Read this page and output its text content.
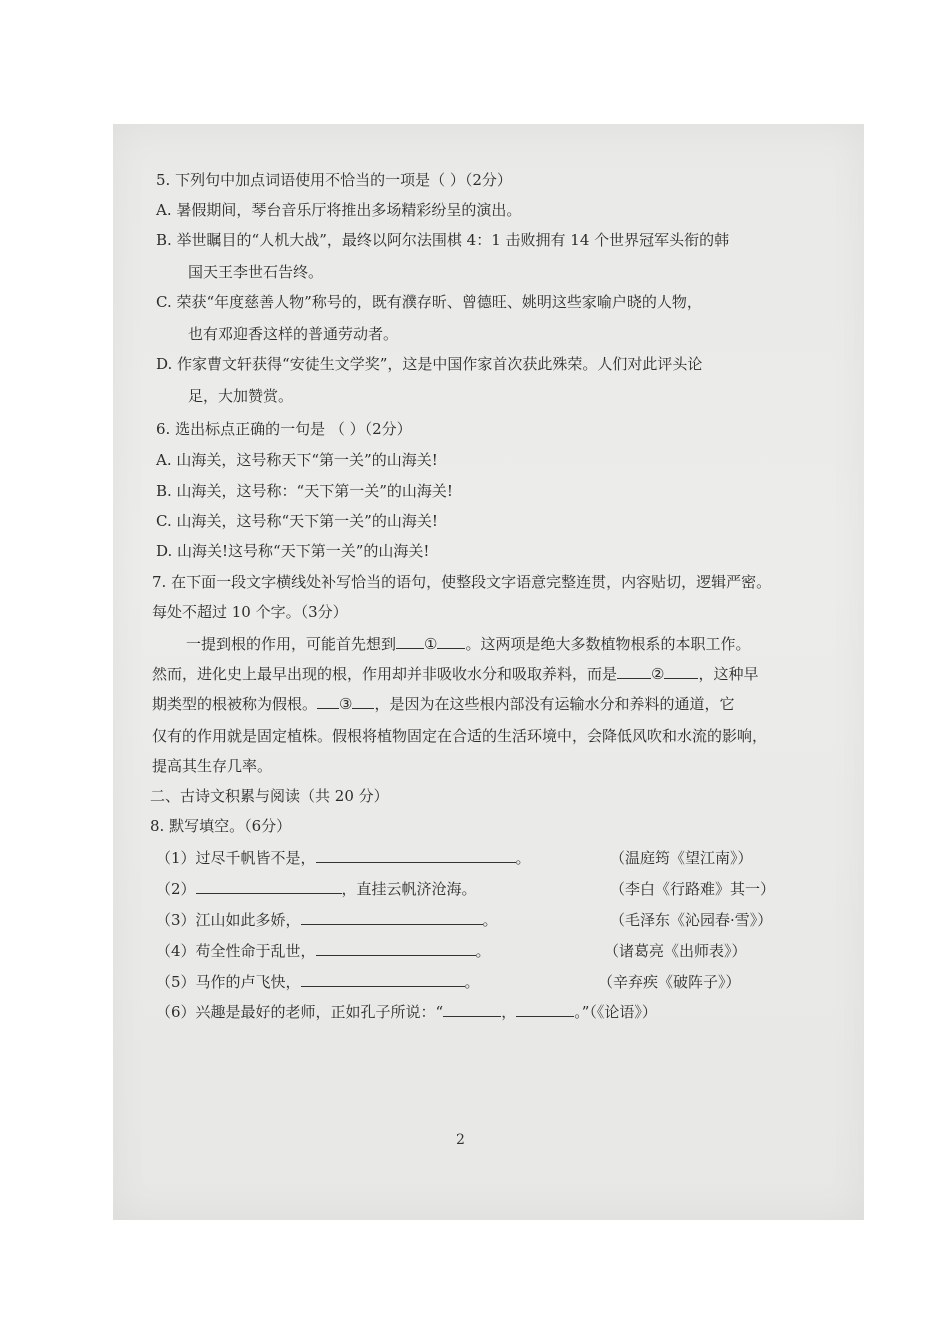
5. 下列句中加点词语使用不恰当的一项是（ ）（2分）
A. 暑假期间，琴台音乐厅将推出多场精彩纷呈的演出。
B. 举世瞩目的“人机大战”，最终以阿尔法围棋 4：1 击败拥有 14 个世界冠军头衔的韩
国天王李世石告终。
C. 荣获“年度慈善人物”称号的，既有濮存昕、曾德旺、姚明这些家喻户晓的人物，
也有邓迎香这样的普通劳动者。
D. 作家曹文轩获得“安徒生文学奖”，这是中国作家首次获此殊荣。人们对此评头论
足，大加赞赏。
6. 选出标点正确的一句是 （ ）（2分）
A. 山海关，这号称天下“第一关”的山海关!
B. 山海关，这号称：“天下第一关”的山海关!
C. 山海关，这号称“天下第一关”的山海关!
D. 山海关!这号称“天下第一关”的山海关!
7. 在下面一段文字横线处补写恰当的语句，使整段文字语意完整连贯，内容贴切，逻辑严密。
每处不超过 10 个字。（3分）
一提到根的作用，可能首先想到 ① 。这两项是绝大多数植物根系的本职工作。
然而，进化史上最早出现的根，作用却并非吸收水分和吸取养料，而是 ② ，这种早
期类型的根被称为假根。 ③ ，是因为在这些根内部没有运输水分和养料的通道，它
仅有的作用就是固定植株。假根将植物固定在合适的生活环境中，会降低风吹和水流的影响，
提高其生存几率。
二、古诗文积累与阅读（共 20 分）
8. 默写填空。（6分）
（1）过尽千帆皆不是，	。	（温庭筠《望江南》）
（2）	，直挂云帆济沧海。	（李白《行路难》其一）
（3）江山如此多娇，	。	（毛泽东《沁园春·雪》）
（4）苟全性命于乱世，	。	（诸葛亮《出师表》）
（5）马作的卢飞快，	。	（辛弃疾《破阵子》）
（6）兴趣是最好的老师，正如孔子所说：“	，	。”（《论语》）
2
